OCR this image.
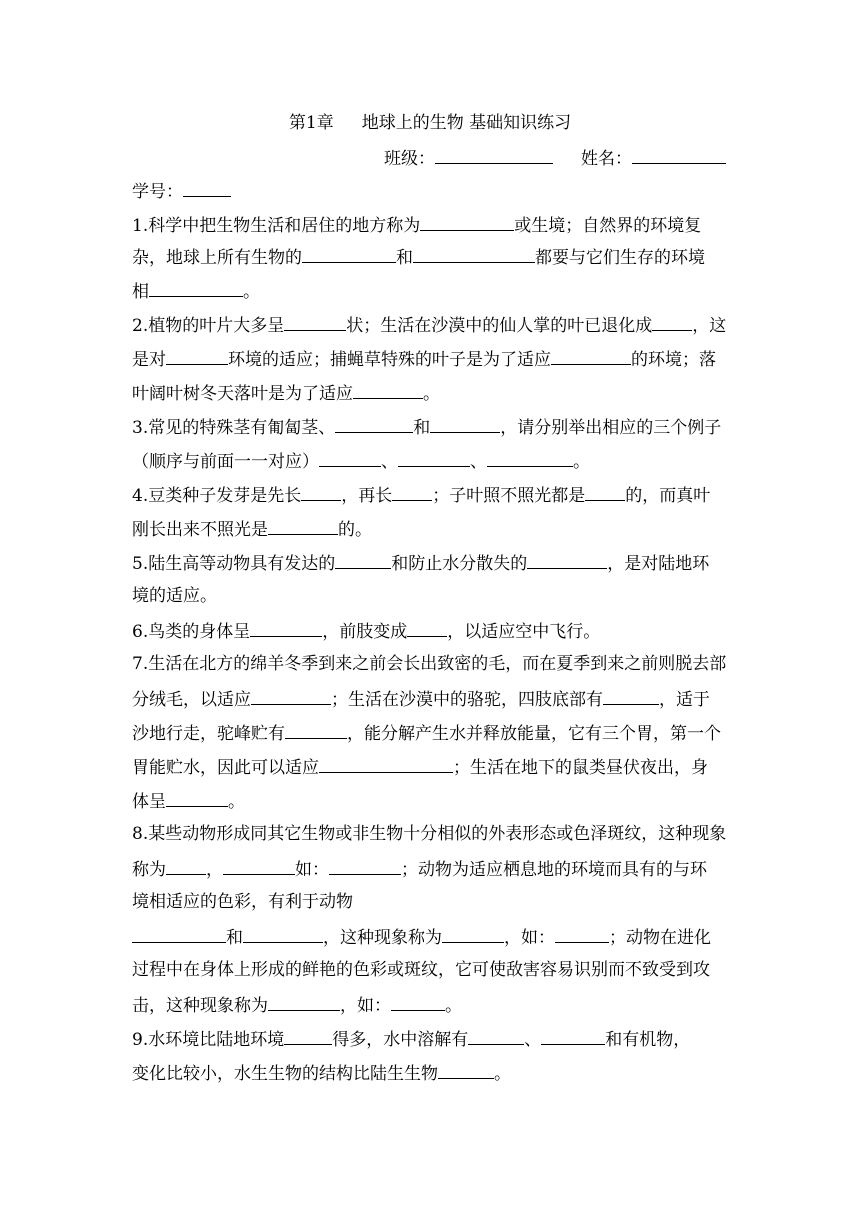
第1章 地球上的生物 基础知识练习
班级：	姓名：
学号：
1.科学中把生物生活和居住的地方称为	或生境；自然界的环境复
杂，地球上所有生物的	和	都要与它们生存的环境
相	。
2.植物的叶片大多呈	状；生活在沙漠中的仙人掌的叶已退化成 ，这
是对	环境的适应；捕蝇草特殊的叶子是为了适应	的环境；落
叶阔叶树冬天落叶是为了适应	。
3.常见的特殊茎有匍匐茎、	和	，请分别举出相应的三个例子
（顺序与前面一一对应）	、	、	。
4.豆类种子发芽是先长 ，再长 ；子叶照不照光都是 的，而真叶
刚长出来不照光是	的。
5.陆生高等动物具有发达的	和防止水分散失的	，是对陆地环
境的适应。
6.鸟类的身体呈	，前肢变成 ，以适应空中飞行。
7.生活在北方的绵羊冬季到来之前会长出致密的毛，而在夏季到来之前则脱去部
分绒毛，以适应	；生活在沙漠中的骆驼，四肢底部有	，适于
沙地行走，驼峰贮有	，能分解产生水并释放能量，它有三个胃，第一个
胃能贮水，因此可以适应	；生活在地下的鼠类昼伏夜出，身
体呈	。
8.某些动物形成同其它生物或非生物十分相似的外表形态或色泽斑纹，这种现象
称为 ，	如：	；动物为适应栖息地的环境而具有的与环
境相适应的色彩，有利于动物
和	，这种现象称为	，如：	；动物在进化
过程中在身体上形成的鲜艳的色彩或斑纹，它可使敌害容易识别而不致受到攻
击，这种现象称为	，如：	。
9.水环境比陆地环境	得多，水中溶解有	、	和有机物，
变化比较小，水生生物的结构比陆生生物	。
